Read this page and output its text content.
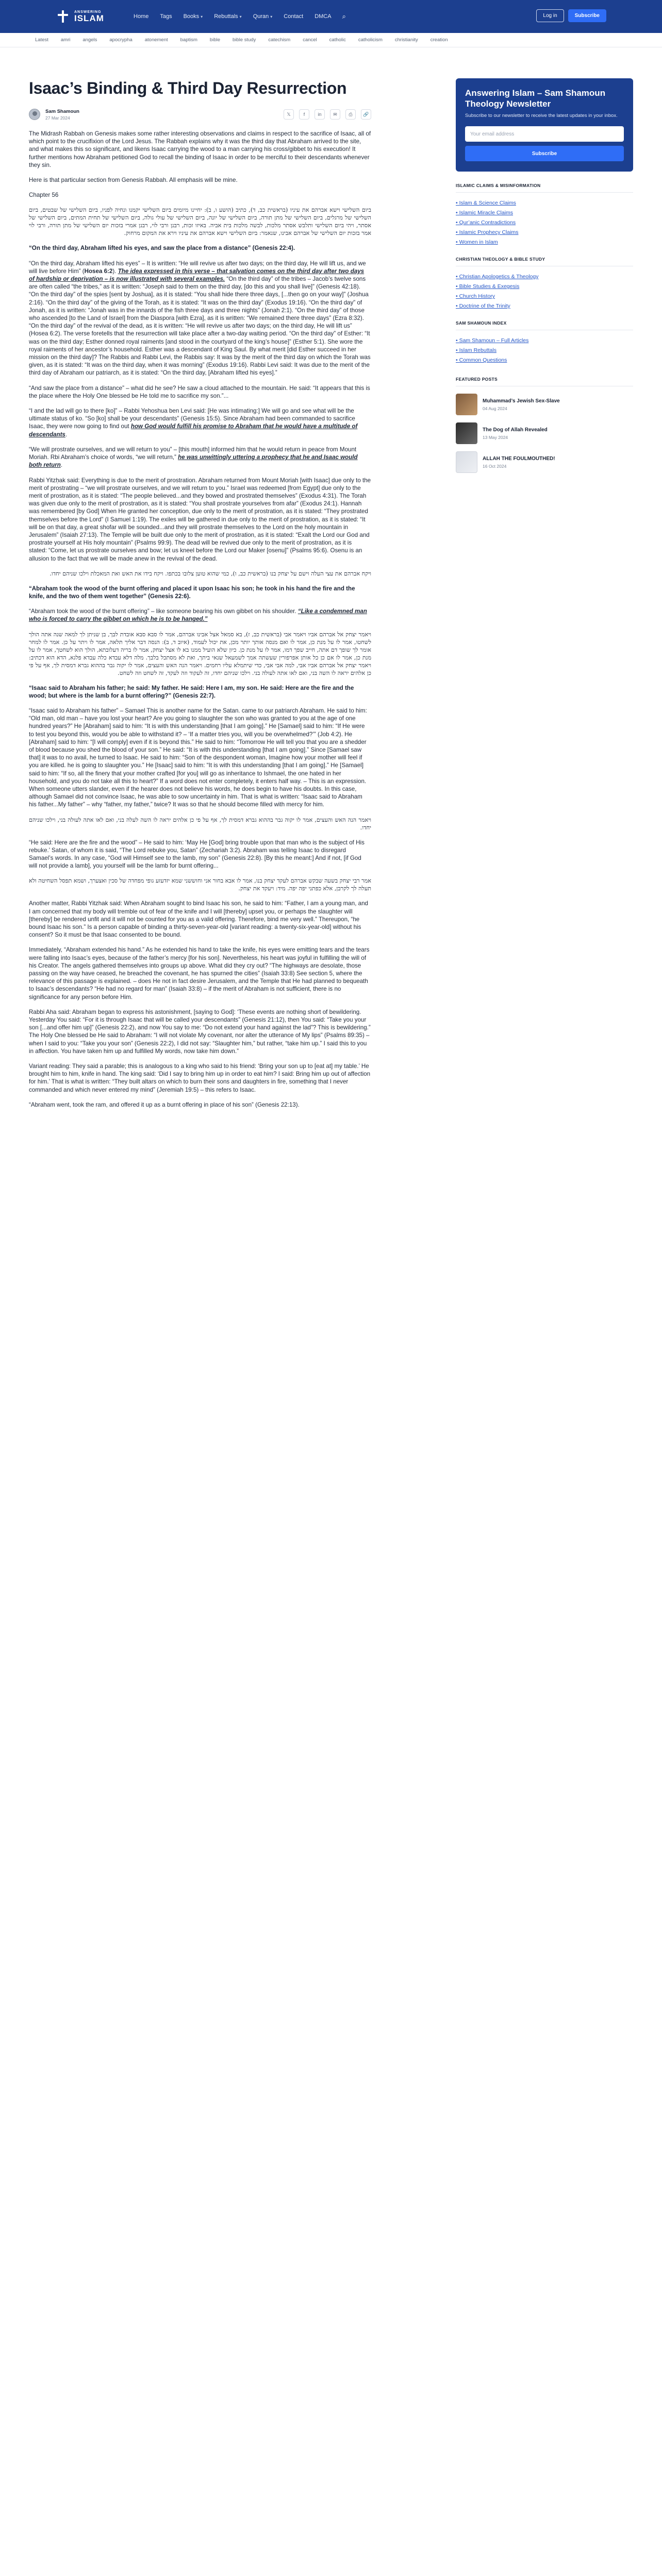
ANSWERING
ISLAM	Home Tags Books ▾ Rebuttals ▾ Quran ▾ Contact DMCA ⌕	Log in	Subscribe
Latest	amri	angels	apocrypha	atonement	baptism	bible	bible study	catechism	cancel	catholic	catholicism	christianity	creation
Isaac’s Binding & Third Day Resurrection
Sam Shamoun
27 Mar 2024
𝕏	f	in	✉	⎙	🔗

The Midrash Rabbah on Genesis makes some rather interesting observations and claims in respect to the sacrifice of Isaac, all of which point to the crucifixion of the Lord Jesus. The Rabbah explains why it was the third day that Abraham arrived to the site, and what makes this so significant, and likens Isaac carrying the wood to a man carrying his cross/gibbet to his execution! It further mentions how Abraham petitioned God to recall the binding of Isaac in order to be merciful to their descendants whenever they sin.

Here is that particular section from Genesis Rabbah. All emphasis will be mine.

Chapter 56

ביום השלישי וישא אברהם את עיניו (בראשית כב, ד), כתיב (הושע ו, ב): יחיינו מיומים ביום השלישי יקמנו ונחיה לפניו, ביום השלישי של שבטים, ביום השלישי של מרגלים, ביום השלישי של מתן תורה, ביום השלישי של יונה, ביום השלישי של עולי גולה, ביום השלישי של תחית המתים, ביום השלישי של אסתר, ויהי ביום השלישי ותלבש אסתר מלכות, לבשה מלכות בית אביה. באיזו זכות, רבנן ורבי לוי, רבנן אמרי בזכות יום השלישי של מתן תורה, ורבי לוי אמר בזכות יום השלישי של אברהם אבינו, שנאמר: ביום השלישי וישא אברהם את עיניו וירא את המקום מרחוק.

“On the third day, Abraham lifted his eyes, and saw the place from a distance” (Genesis 22:4).

“On the third day, Abraham lifted his eyes” – It is written: “He will revive us after two days; on the third day, He will lift us, and we will live before Him” (Hosea 6:2). The idea expressed in this verse – that salvation comes on the third day after two days of hardship or deprivation – is now illustrated with several examples. “On the third day” of the tribes – Jacob’s twelve sons are often called “the tribes,” as it is written: “Joseph said to them on the third day, [do this and you shall live]” (Genesis 42:18). “On the third day” of the spies [sent by Joshua], as it is stated: “You shall hide there three days, [...then go on your way]” (Joshua 2:16). “On the third day” of the giving of the Torah, as it is stated: “It was on the third day” (Exodus 19:16). “On the third day” of Jonah, as it is written: “Jonah was in the innards of the fish three days and three nights” (Jonah 2:1). “On the third day” of those who ascended [to the Land of Israel] from the Diaspora [with Ezra], as it is written: “We remained there three days” (Ezra 8:32). “On the third day” of the revival of the dead, as it is written: “He will revive us after two days; on the third day, He will lift us” (Hosea 6:2). The verse foretells that the resurrection will take place after a two-day waiting period. “On the third day” of Esther: “It was on the third day; Esther donned royal raiments [and stood in the courtyard of the king’s house]” (Esther 5:1). She wore the royal raiments of her ancestor’s household. Esther was a descendant of King Saul. By what merit [did Esther succeed in her mission on the third day]? The Rabbis and Rabbi Levi, the Rabbis say: It was by the merit of the third day on which the Torah was given, as it is stated: “It was on the third day, when it was morning” (Exodus 19:16). Rabbi Levi said: It was due to the merit of the third day of Abraham our patriarch, as it is stated: “On the third day, [Abraham lifted his eyes].”

“And saw the place from a distance” – what did he see? He saw a cloud attached to the mountain. He said: “It appears that this is the place where the Holy One blessed be He told me to sacrifice my son.”...

“I and the lad will go to there [ko]” – Rabbi Yehoshua ben Levi said: [He was intimating:] We will go and see what will be the ultimate status of ko. “So [ko] shall be your descendants” (Genesis 15:5). Since Abraham had been commanded to sacrifice Isaac, they were now going to find out how God would fulfill his promise to Abraham that he would have a multitude of descendants.

“We will prostrate ourselves, and we will return to you” – [this mouth] informed him that he would return in peace from Mount Moriah. Rbi Abraham’s choice of words, “we will return,” he was unwittingly uttering a prophecy that he and Isaac would both return.

Rabbi Yitzḥak said: Everything is due to the merit of prostration. Abraham returned from Mount Moriah [with Isaac] due only to the merit of prostrating – “we will prostrate ourselves, and we will return to you.” Israel was redeemed [from Egypt] due only to the merit of prostration, as it is stated: “The people believed...and they bowed and prostrated themselves” (Exodus 4:31). The Torah was given due only to the merit of prostration, as it is stated: “You shall prostrate yourselves from afar” (Exodus 24:1). Hannah was remembered [by God] When He granted her conception, due only to the merit of prostration, as it is stated: “They prostrated themselves before the Lord” (I Samuel 1:19). The exiles will be gathered in due only to the merit of prostration, as it is stated: “It will be on that day, a great shofar will be sounded...and they will prostrate themselves to the Lord on the holy mountain in Jerusalem” (Isaiah 27:13). The Temple will be built due only to the merit of prostration, as it is stated: “Exalt the Lord our God and prostrate yourself at His holy mountain” (Psalms 99:9). The dead will be revived due only to the merit of prostration, as it is stated: “Come, let us prostrate ourselves and bow; let us kneel before the Lord our Maker [osenu]” (Psalms 95:6). Osenu is an allusion to the fact that we will be made anew in the revival of the dead.

ויקח אברהם את עצי העלה וישם על יצחק בנו (בראשית כב, ו), כמי שהוא טוען צלובו בכתפו. ויקח בידו את האש ואת המאכלת וילכו שניהם יחדו.

“Abraham took the wood of the burnt offering and placed it upon Isaac his son; he took in his hand the fire and the knife, and the two of them went together” (Genesis 22:6).

“Abraham took the wood of the burnt offering” – like someone bearing his own gibbet on his shoulder. “Like a condemned man who is forced to carry the gibbet on which he is to be hanged.”

ויאמר יצחק אל אברהם אביו ויאמר אבי (בראשית כב, ז), בא סמאל אצל אבינו אברהם, אמר לו סבא סבא אובדת לבך, בן שניתן לך למאה שנה אתה הולך לשחטו, אמר לו על מנת כן, אמר לו ואם מנסה אותך יותר מכן, את יכול לעמוד, (איוב ד, ב): הנסה דבר אליך תלאה, אמר לו ויתר על כן. אמר לו למחר אומר לך שופך דם אתה, חייב שפך דמו, אמר לו על מנת כן. כיון שלא הועיל ממנו בא לו אצל יצחק, אמר לו בריה דעלובתא, הולך הוא לשחטך, אמר לו על מנת כן, אמר לו אם כן כל אותן אפרפורין שעשתה אמך לשמעאל שנאי ביתך, ואת לא מסתכל בלבך. מלה דלא עבדא כלה עבדא פלגא, הדא הוא דכתיב: ויאמר יצחק אל אברהם אביו אבי, למה אבי אבי, כדי שיתמלא עליו רחמים. ויאמר הנה האש והעצים, אמר לו יקוה גבר בההוא גברא דמסית לך, אף על פי כן אלהים יראה לו השה בני, ואם לאו אתה לעולה בני. וילכו שניהם יחדו, זה לעקוד וזה לעקד, זה לשחט וזה לשחט.

“Isaac said to Abraham his father; he said: My father. He said: Here I am, my son. He said: Here are the fire and the wood; but where is the lamb for a burnt offering?” (Genesis 22:7).

“Isaac said to Abraham his father” – Samael This is another name for the Satan. came to our patriarch Abraham. He said to him: “Old man, old man – have you lost your heart? Are you going to slaughter the son who was granted to you at the age of one hundred years?” He [Abraham] said to him: “It is with this understanding [that I am going].” He [Samael] said to him: “If He were to test you beyond this, would you be able to withstand it? – ‘If a matter tries you, will you be overwhelmed?’” (Job 4:2). He [Abraham] said to him: “[I will comply] even if it is beyond this.” He said to him: “Tomorrow He will tell you that you are a shedder of blood because you shed the blood of your son.” He said: “It is with this understanding [that I am going].” Since [Samael saw that] it was to no avail, he turned to Isaac. He said to him: “Son of the despondent woman, Imagine how your mother will feel if you are killed. he is going to slaughter you.” He [Isaac] said to him: “It is with this understanding [that I am going].” He [Samael] said to him: “If so, all the finery that your mother crafted [for you] will go as inheritance to Ishmael, the one hated in her household, and you do not take all this to heart?” If a word does not enter completely, it enters half way. – This is an expression. When someone utters slander, even if the hearer does not believe his words, he does begin to have his doubts. In this case, although Samael did not convince Isaac, he was able to sow uncertainty in him. That is what is written: “Isaac said to Abraham his father...My father” – why “father, my father,” twice? It was so that he should become filled with mercy for him.

ויאמר הנה האש והעצים, אמר לו יקוה גבר בההוא גברא דמסית לך, אף על פי כן אלהים יראה לו השה לעלה בני, ואם לאו אתה לעולה בני, וילכו שניהם יחדו.

“He said: Here are the fire and the wood” – He said to him: ‘May He [God] bring trouble upon that man who is the subject of His rebuke.’ Satan, of whom it is said, “The Lord rebuke you, Satan” (Zechariah 3:2). Abraham was telling Isaac to disregard Samael’s words. In any case, “God will Himself see to the lamb, my son” (Genesis 22:8). [By this he meant:] And if not, [if God will not provide a lamb], you yourself will be the lamb for burnt offering...

אמר רבי יצחק בשעה שבקש אברהם לעקד יצחק בנו, אמר לו אבא בחור אני וחוששני שמא יזדעזע גופי מפחדה של סכין ואצערך, ושמא תפסל השחיטה ולא תעלה לך לקרבן, אלא כפתני יפה יפה. מיד: ויעקד את יצחק.

Another matter, Rabbi Yitzhak said: When Abraham sought to bind Isaac his son, he said to him: “Father, I am a young man, and I am concerned that my body will tremble out of fear of the knife and I will [thereby] upset you, or perhaps the slaughter will [thereby] be rendered unfit and it will not be counted for you as a valid offering. Therefore, bind me very well.” Thereupon, “he bound Isaac his son.” Is a person capable of binding a thirty-seven-year-old [variant reading: a twenty-six-year-old] without his consent? So it must be that Isaac consented to be bound.

Immediately, “Abraham extended his hand.” As he extended his hand to take the knife, his eyes were emitting tears and the tears were falling into Isaac’s eyes, because of the father’s mercy [for his son]. Nevertheless, his heart was joyful in fulfilling the will of his Creator. The angels gathered themselves into groups up above. What did they cry out? “The highways are desolate, those passing on the way have ceased, he breached the covenant, he has spurned the cities” (Isaiah 33:8) See section 5, where the relevance of this passage is explained. – does He not in fact desire Jerusalem, and the Temple that He had planned to bequeath to Isaac’s descendants? “He had no regard for man” (Isaiah 33:8) – if the merit of Abraham is not sufficient, there is no significance for any person before Him.

Rabbi Aha said: Abraham began to express his astonishment, [saying to God]: ‘These events are nothing short of bewildering. Yesterday You said: “For it is through Isaac that will be called your descendants” (Genesis 21:12), then You said: “Take you your son [...and offer him up]” (Genesis 22:2), and now You say to me: “Do not extend your hand against the lad”? This is bewildering.” The Holy One blessed be He said to Abraham: “I will not violate My covenant, nor alter the utterance of My lips” (Psalms 89:35) – when I said to you: “Take you your son” (Genesis 22:2), I did not say: “Slaughter him,” but rather, “take him up.” I said this to you in affection. You have taken him up and fulfilled My words, now take him down.”

Variant reading: They said a parable; this is analogous to a king who said to his friend: ‘Bring your son up to [eat at] my table.’ He brought him to him, knife in hand. The king said: ‘Did I say to bring him up in order to eat him? I said: Bring him up out of affection for him.’ That is what is written: “They built altars on which to burn their sons and daughters in fire, something that I never commanded and which never entered my mind” (Jeremiah 19:5) – this refers to Isaac.

“Abraham went, took the ram, and offered it up as a burnt offering in place of his son” (Genesis 22:13).

Answering Islam – Sam Shamoun Theology Newsletter
Subscribe to our newsletter to receive the latest updates in your inbox.
Your email address
Subscribe
ISLAMIC CLAIMS & MISINFORMATION
• Islam & Science Claims
• Islamic Miracle Claims
• Qur’anic Contradictions
• Islamic Prophecy Claims
• Women in Islam
CHRISTIAN THEOLOGY & BIBLE STUDY
• Christian Apologetics & Theology
• Bible Studies & Exegesis
• Church History
• Doctrine of the Trinity
SAM SHAMOUN INDEX
• Sam Shamoun – Full Articles
• Islam Rebuttals
• Common Questions
FEATURED POSTS
Muhammad’s Jewish Sex-Slave
04 Aug 2024
The Dog of Allah Revealed
13 May 2024
ALLAH THE FOULMOUTHED!
16 Oct 2024
